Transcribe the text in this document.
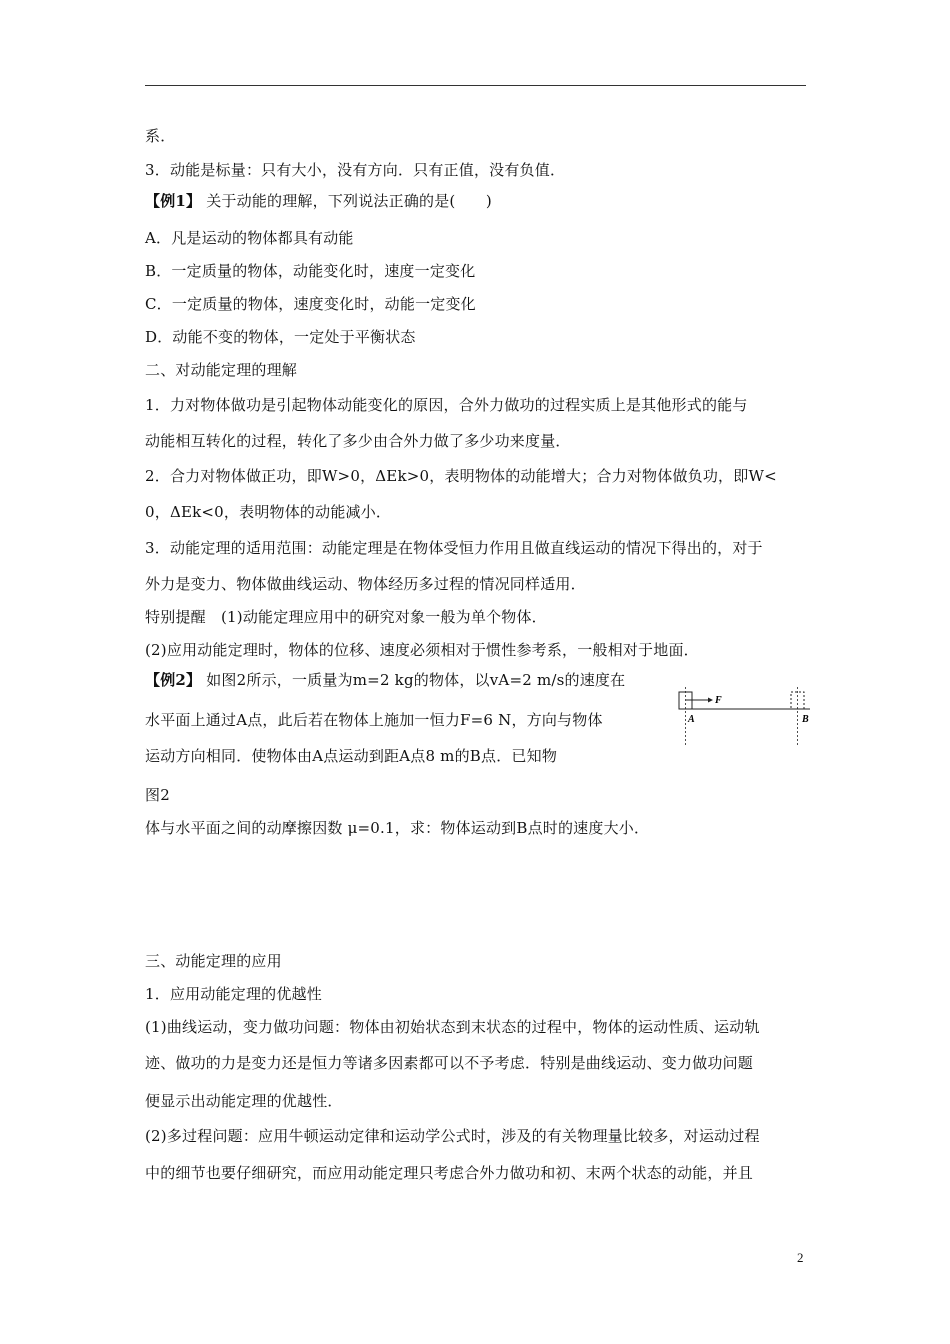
系．
3．动能是标量：只有大小，没有方向．只有正值，没有负值．
【例1】 关于动能的理解，下列说法正确的是(　　)
A．凡是运动的物体都具有动能
B．一定质量的物体，动能变化时，速度一定变化
C．一定质量的物体，速度变化时，动能一定变化
D．动能不变的物体，一定处于平衡状态
二、对动能定理的理解
1．力对物体做功是引起物体动能变化的原因，合外力做功的过程实质上是其他形式的能与
动能相互转化的过程，转化了多少由合外力做了多少功来度量．
2．合力对物体做正功，即W>0，ΔEk>0，表明物体的动能增大；合力对物体做负功，即W<
0，ΔEk<0，表明物体的动能减小．
3．动能定理的适用范围：动能定理是在物体受恒力作用且做直线运动的情况下得出的，对于
外力是变力、物体做曲线运动、物体经历多过程的情况同样适用．
特别提醒　(1)动能定理应用中的研究对象一般为单个物体．
(2)应用动能定理时，物体的位移、速度必须相对于惯性参考系，一般相对于地面．
【例2】 如图2所示，一质量为m=2 kg的物体，以vA=2 m/s的速度在
水平面上通过A点，此后若在物体上施加一恒力F=6 N，方向与物体
运动方向相同．使物体由A点运动到距A点8 m的B点．已知物
图2
体与水平面之间的动摩擦因数 μ=0.1，求：物体运动到B点时的速度大小．
三、动能定理的应用
1．应用动能定理的优越性
(1)曲线运动，变力做功问题：物体由初始状态到末状态的过程中，物体的运动性质、运动轨
迹、做功的力是变力还是恒力等诸多因素都可以不予考虑．特别是曲线运动、变力做功问题
便显示出动能定理的优越性．
(2)多过程问题：应用牛顿运动定律和运动学公式时，涉及的有关物理量比较多，对运动过程
中的细节也要仔细研究，而应用动能定理只考虑合外力做功和初、末两个状态的动能，并且
F
A	B
2
